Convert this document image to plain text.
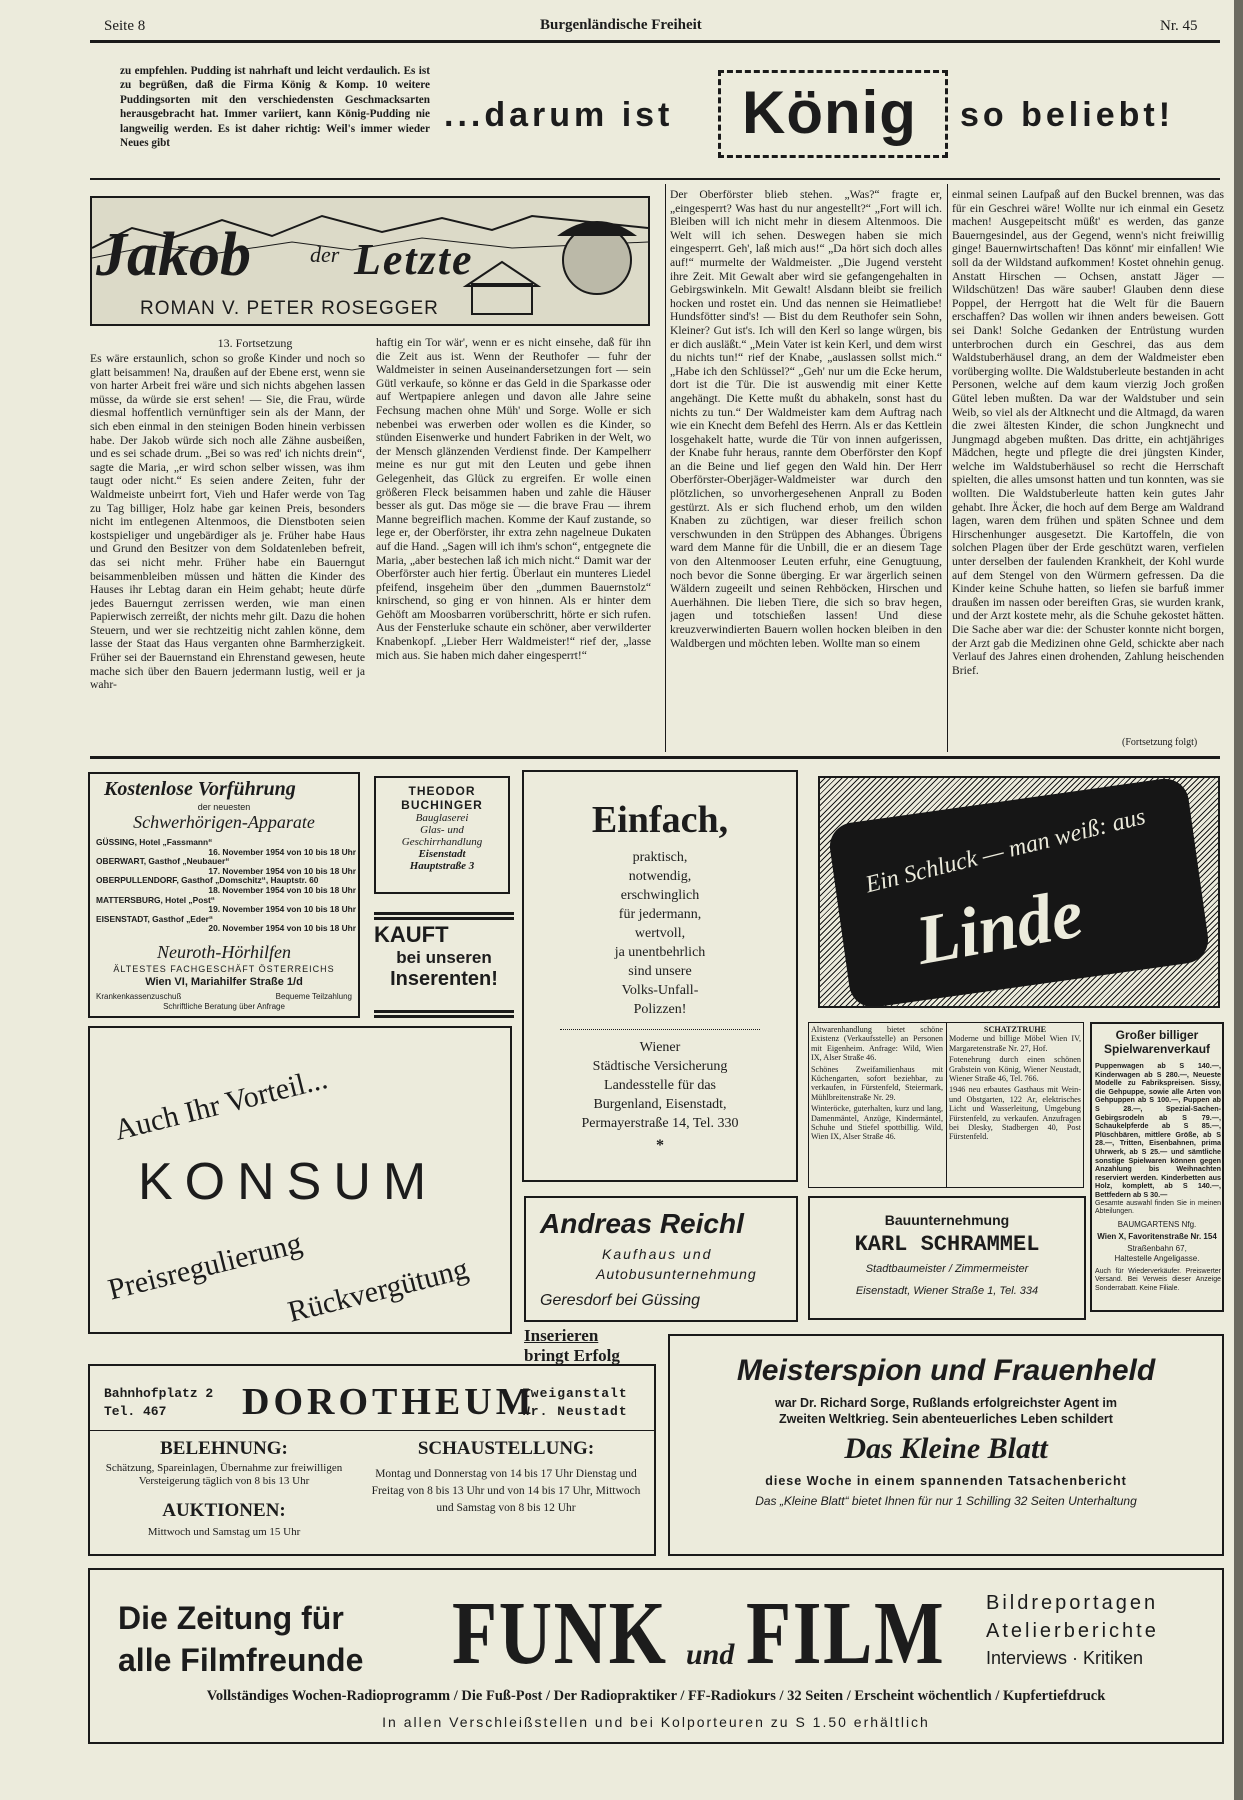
Seite 8	Burgenländische Freiheit	Nr. 45
zu empfehlen. Pudding ist nahrhaft und leicht verdaulich. Es ist zu begrüßen, daß die Firma König & Komp. 10 weitere Puddingsorten mit den verschiedensten Geschmacksarten herausgebracht hat. Immer variiert, kann König-Pudding nie langweilig werden. Es ist daher richtig: Weil's immer wieder Neues gibt
...darum ist König so beliebt!
Jakob	der Letzte
ROMAN V. PETER ROSEGGER
13. Fortsetzung
Es wäre erstaunlich, schon so große Kinder und noch so glatt beisammen! Na, draußen auf der Ebene erst, wenn sie von harter Arbeit frei wäre und sich nichts abgehen lassen müsse, da würde sie erst sehen! — Sie, die Frau, würde diesmal hoffentlich vernünftiger sein als der Mann, der sich eben einmal in den steinigen Boden hinein verbissen habe. Der Jakob würde sich noch alle Zähne ausbeißen, und es sei schade drum. „Bei so was red' ich nichts drein“, sagte die Maria, „er wird schon selber wissen, was ihm taugt oder nicht.“ Es seien andere Zeiten, fuhr der Waldmeiste unbeirrt fort, Vieh und Hafer werde von Tag zu Tag billiger, Holz habe gar keinen Preis, besonders nicht im entlegenen Altenmoos, die Dienstboten seien kostspieliger und ungebärdiger als je. Früher habe Haus und Grund den Besitzer von dem Soldatenleben befreit, das sei nicht mehr. Früher habe ein Bauerngut beisammenbleiben müssen und hätten die Kinder des Hauses ihr Lebtag daran ein Heim gehabt; heute dürfe jedes Bauerngut zerrissen werden, wie man einen Papierwisch zerreißt, der nichts mehr gilt. Dazu die hohen Steuern, und wer sie rechtzeitig nicht zahlen könne, dem lasse der Staat das Haus verganten ohne Barmherzigkeit. Früher sei der Bauernstand ein Ehrenstand gewesen, heute mache sich über den Bauern jedermann lustig, weil er ja wahr-
haftig ein Tor wär', wenn er es nicht einsehe, daß für ihn die Zeit aus ist. Wenn der Reuthofer — fuhr der Waldmeister in seinen Auseinandersetzungen fort — sein Gütl verkaufe, so könne er das Geld in die Sparkasse oder auf Wertpapiere anlegen und davon alle Jahre seine Fechsung machen ohne Müh' und Sorge. Wolle er sich nebenbei was erwerben oder wollen es die Kinder, so stünden Eisenwerke und hundert Fabriken in der Welt, wo der Mensch glänzenden Verdienst finde. Der Kampelherr meine es nur gut mit den Leuten und gebe ihnen Gelegenheit, das Glück zu ergreifen. Er wolle einen größeren Fleck beisammen haben und zahle die Häuser besser als gut. Das möge sie — die brave Frau — ihrem Manne begreiflich machen. Komme der Kauf zustande, so lege er, der Oberförster, ihr extra zehn nagelneue Dukaten auf die Hand. „Sagen will ich ihm's schon“, entgegnete die Maria, „aber bestechen laß ich mich nicht.“ Damit war der Oberförster auch hier fertig. Überlaut ein munteres Liedel pfeifend, insgeheim über den „dummen Bauernstolz“ knirschend, so ging er von hinnen. Als er hinter dem Gehöft am Moosbarren vorüberschritt, hörte er sich rufen. Aus der Fensterluke schaute ein schöner, aber verwilderter Knabenkopf. „Lieber Herr Waldmeister!“ rief der, „lasse mich aus. Sie haben mich daher eingesperrt!“
Der Oberförster blieb stehen. „Was?“ fragte er, „eingesperrt? Was hast du nur angestellt?“ „Fort will ich. Bleiben will ich nicht mehr in diesem Altenmoos. Die Welt will ich sehen. Deswegen haben sie mich eingesperrt. Geh', laß mich aus!“ „Da hört sich doch alles auf!“ murmelte der Waldmeister. „Die Jugend versteht ihre Zeit. Mit Gewalt aber wird sie gefangengehalten in Gebirgswinkeln. Mit Gewalt! Alsdann bleibt sie freilich hocken und rostet ein. Und das nennen sie Heimatliebe! Hundsfötter sind's! — Bist du dem Reuthofer sein Sohn, Kleiner? Gut ist's. Ich will den Kerl so lange würgen, bis er dich ausläßt.“ „Mein Vater ist kein Kerl, und dem wirst du nichts tun!“ rief der Knabe, „auslassen sollst mich.“ „Habe ich den Schlüssel?“ „Geh' nur um die Ecke herum, dort ist die Tür. Die ist auswendig mit einer Kette angehängt. Die Kette mußt du abhakeln, sonst hast du nichts zu tun.“ Der Waldmeister kam dem Auftrag nach wie ein Knecht dem Befehl des Herrn. Als er das Kettlein losgehakelt hatte, wurde die Tür von innen aufgerissen, der Knabe fuhr heraus, rannte dem Oberförster den Kopf an die Beine und lief gegen den Wald hin. Der Herr Oberförster-Oberjäger-Waldmeister war durch den plötzlichen, so unvorhergesehenen Anprall zu Boden gestürzt. Als er sich fluchend erhob, um den wilden Knaben zu züchtigen, war dieser freilich schon verschwunden in den Strüppen des Abhanges. Übrigens ward dem Manne für die Unbill, die er an diesem Tage von den Altenmooser Leuten erfuhr, eine Genugtuung, noch bevor die Sonne überging. Er war ärgerlich seinen Wäldern zugeeilt und seinen Rehböcken, Hirschen und Auerhähnen. Die lieben Tiere, die sich so brav hegen, jagen und totschießen lassen! Und diese kreuzverwindierten Bauern wollen hocken bleiben in den Waldbergen und möchten leben. Wollte man so einem
einmal seinen Laufpaß auf den Buckel brennen, was das für ein Geschrei wäre! Wollte nur ich einmal ein Gesetz machen! Ausgepeitscht müßt' es werden, das ganze Bauerngesindel, aus der Gegend, wenn's nicht freiwillig ginge! Bauernwirtschaften! Das könnt' mir einfallen! Wie soll da der Wildstand aufkommen! Kostet ohnehin genug. Anstatt Hirschen — Ochsen, anstatt Jäger — Wildschützen! Das wäre sauber! Glauben denn diese Poppel, der Herrgott hat die Welt für die Bauern erschaffen? Das wollen wir ihnen anders beweisen. Gott sei Dank! Solche Gedanken der Entrüstung wurden unterbrochen durch ein Geschrei, das aus dem Waldstuberhäusel drang, an dem der Waldmeister eben vorüberging wollte. Die Waldstuberleute bestanden in acht Personen, welche auf dem kaum vierzig Joch großen Gütel leben mußten. Da war der Waldstuber und sein Weib, so viel als der Altknecht und die Altmagd, da waren die zwei ältesten Kinder, die schon Jungknecht und Jungmagd abgeben mußten. Das dritte, ein achtjähriges Mädchen, hegte und pflegte die drei jüngsten Kinder, welche im Waldstuberhäusel so recht die Herrschaft spielten, die alles umsonst hatten und tun konnten, was sie wollten. Die Waldstuberleute hatten kein gutes Jahr gehabt. Ihre Äcker, die hoch auf dem Berge am Waldrand lagen, waren dem frühen und späten Schnee und dem Hirschenhunger ausgesetzt. Die Kartoffeln, die von solchen Plagen über der Erde geschützt waren, verfielen unter derselben der faulenden Krankheit, der Kohl wurde auf dem Stengel von den Würmern gefressen. Da die Kinder keine Schuhe hatten, so liefen sie barfuß immer draußen im nassen oder bereiften Gras, sie wurden krank, und der Arzt kostete mehr, als die Schuhe gekostet hätten. Die Sache aber war die: der Schuster konnte nicht borgen, der Arzt gab die Medizinen ohne Geld, schickte aber nach Verlauf des Jahres einen drohenden, Zahlung heischenden Brief.
(Fortsetzung folgt)
Kostenlose Vorführung
der neuesten
Schwerhörigen-Apparate
GÜSSING, Hotel „Fassmann“
16. November 1954 von 10 bis 18 Uhr
OBERWART, Gasthof „Neubauer“
17. November 1954 von 10 bis 18 Uhr
OBERPULLENDORF, Gasthof „Domschitz“, Hauptstr. 60
18. November 1954 von 10 bis 18 Uhr
MATTERSBURG, Hotel „Post“
19. November 1954 von 10 bis 18 Uhr
EISENSTADT, Gasthof „Eder“
20. November 1954 von 10 bis 18 Uhr
Neuroth-Hörhilfen
ÄLTESTES FACHGESCHÄFT ÖSTERREICHS
Wien VI, Mariahilfer Straße 1/d
Krankenkassenzuschuß	Bequeme Teilzahlung
Schriftliche Beratung über Anfrage
THEODOR
BUCHINGER
Bauglaserei
Glas- und
Geschirrhandlung
Eisenstadt
Hauptstraße 3
KAUFT
bei unseren
Inserenten!
Einfach,
praktisch,
notwendig,
erschwinglich
für jedermann,
wertvoll,
ja unentbehrlich
sind unsere
Volks-Unfall-
Polizzen!
Wiener
Städtische Versicherung
Landesstelle für das
Burgenland, Eisenstadt,
Permayerstraße 14, Tel. 330
*
Ein Schluck — man weiß: aus
Linde
Auch Ihr Vorteil...
KONSUM
Preisregulierung
Rückvergütung
Altwarenhandlung bietet schöne Existenz (Verkaufsstelle) an Personen mit Eigenheim. Anfrage: Wild, Wien IX, Alser Straße 46.
Schönes Zweifamilienhaus mit Küchengarten, sofort beziehbar, zu verkaufen, in Fürstenfeld, Steiermark, Mühlbreitenstraße Nr. 29.
Winteröcke, guterhalten, kurz und lang, Damenmäntel, Anzüge, Kindermäntel, Schuhe und Stiefel spottbillig. Wild, Wien IX, Alser Straße 46.
SCHATZTRUHE
Moderne und billige Möbel Wien IV, Margaretenstraße Nr. 27, Hof.
Fotenehrung durch einen schönen Grabstein von König, Wiener Neustadt, Wiener Straße 46, Tel. 766.
1946 neu erbautes Gasthaus mit Wein- und Obstgarten, 122 Ar, elektrisches Licht und Wasserleitung, Umgebung Fürstenfeld, zu verkaufen. Anzufragen bei Dlesky, Stadbergen 40, Post Fürstenfeld.
Großer billiger Spielwarenverkauf
Puppenwagen ab S 140.—, Kinderwagen ab S 280.—, Neueste Modelle zu Fabrikspreisen. Sissy, die Gehpuppe, sowie alle Arten von Gehpuppen ab S 100.—, Puppen ab S 28.—, Spezial-Sachen-Gebirgsrodeln ab S 79.—, Schaukelpferde ab S 85.—, Plüschbären, mittlere Größe, ab S 28.—, Tritten, Eisenbahnen, prima Uhrwerk, ab S 25.— und sämtliche sonstige Spielwaren können gegen Anzahlung bis Weihnachten reserviert werden. Kinderbetten aus Holz, komplett, ab S 140.—, Bettfedern ab S 30.—
Gesamte auswahl finden Sie in meinen Abteilungen.
BAUMGARTENS Nfg.
Wien X, Favoritenstraße Nr. 154
Straßenbahn 67,
Haltestelle Angeligasse.
Auch für Wiederverkäufer. Preiswerter Versand. Bei Verweis dieser Anzeige Sonderrabatt. Keine Filiale.
Andreas Reichl
Kaufhaus und
Autobusunternehmung
Geresdorf bei Güssing
Bauunternehmung
KARL SCHRAMMEL
Stadtbaumeister / Zimmermeister
Eisenstadt, Wiener Straße 1, Tel. 334
Inserieren
bringt Erfolg
Bahnhofplatz 2
Tel. 467 DOROTHEUM
Zweiganstalt
Wr. Neustadt
BELEHNUNG:
Schätzung, Spareinlagen, Übernahme zur freiwilligen Versteigerung täglich von 8 bis 13 Uhr
AUKTIONEN:
Mittwoch und Samstag um 15 Uhr
SCHAUSTELLUNG:
Montag und Donnerstag von 14 bis 17 Uhr Dienstag und Freitag von 8 bis 13 Uhr und von 14 bis 17 Uhr, Mittwoch und Samstag von 8 bis 12 Uhr
Meisterspion und Frauenheld
war Dr. Richard Sorge, Rußlands erfolgreichster Agent im
Zweiten Weltkrieg. Sein abenteuerliches Leben schildert
Das Kleine Blatt
diese Woche in einem spannenden Tatsachenbericht
Das „Kleine Blatt“ bietet Ihnen für nur 1 Schilling 32 Seiten Unterhaltung
Die Zeitung für
alle Filmfreunde FUNK und FILM Bildreportagen
Atelierberichte
Interviews · Kritiken
Vollständiges Wochen-Radioprogramm / Die Fuß-Post / Der Radiopraktiker / FF-Radiokurs / 32 Seiten / Erscheint wöchentlich / Kupfertiefdruck
In allen Verschleißstellen und bei Kolporteuren zu S 1.50 erhältlich
